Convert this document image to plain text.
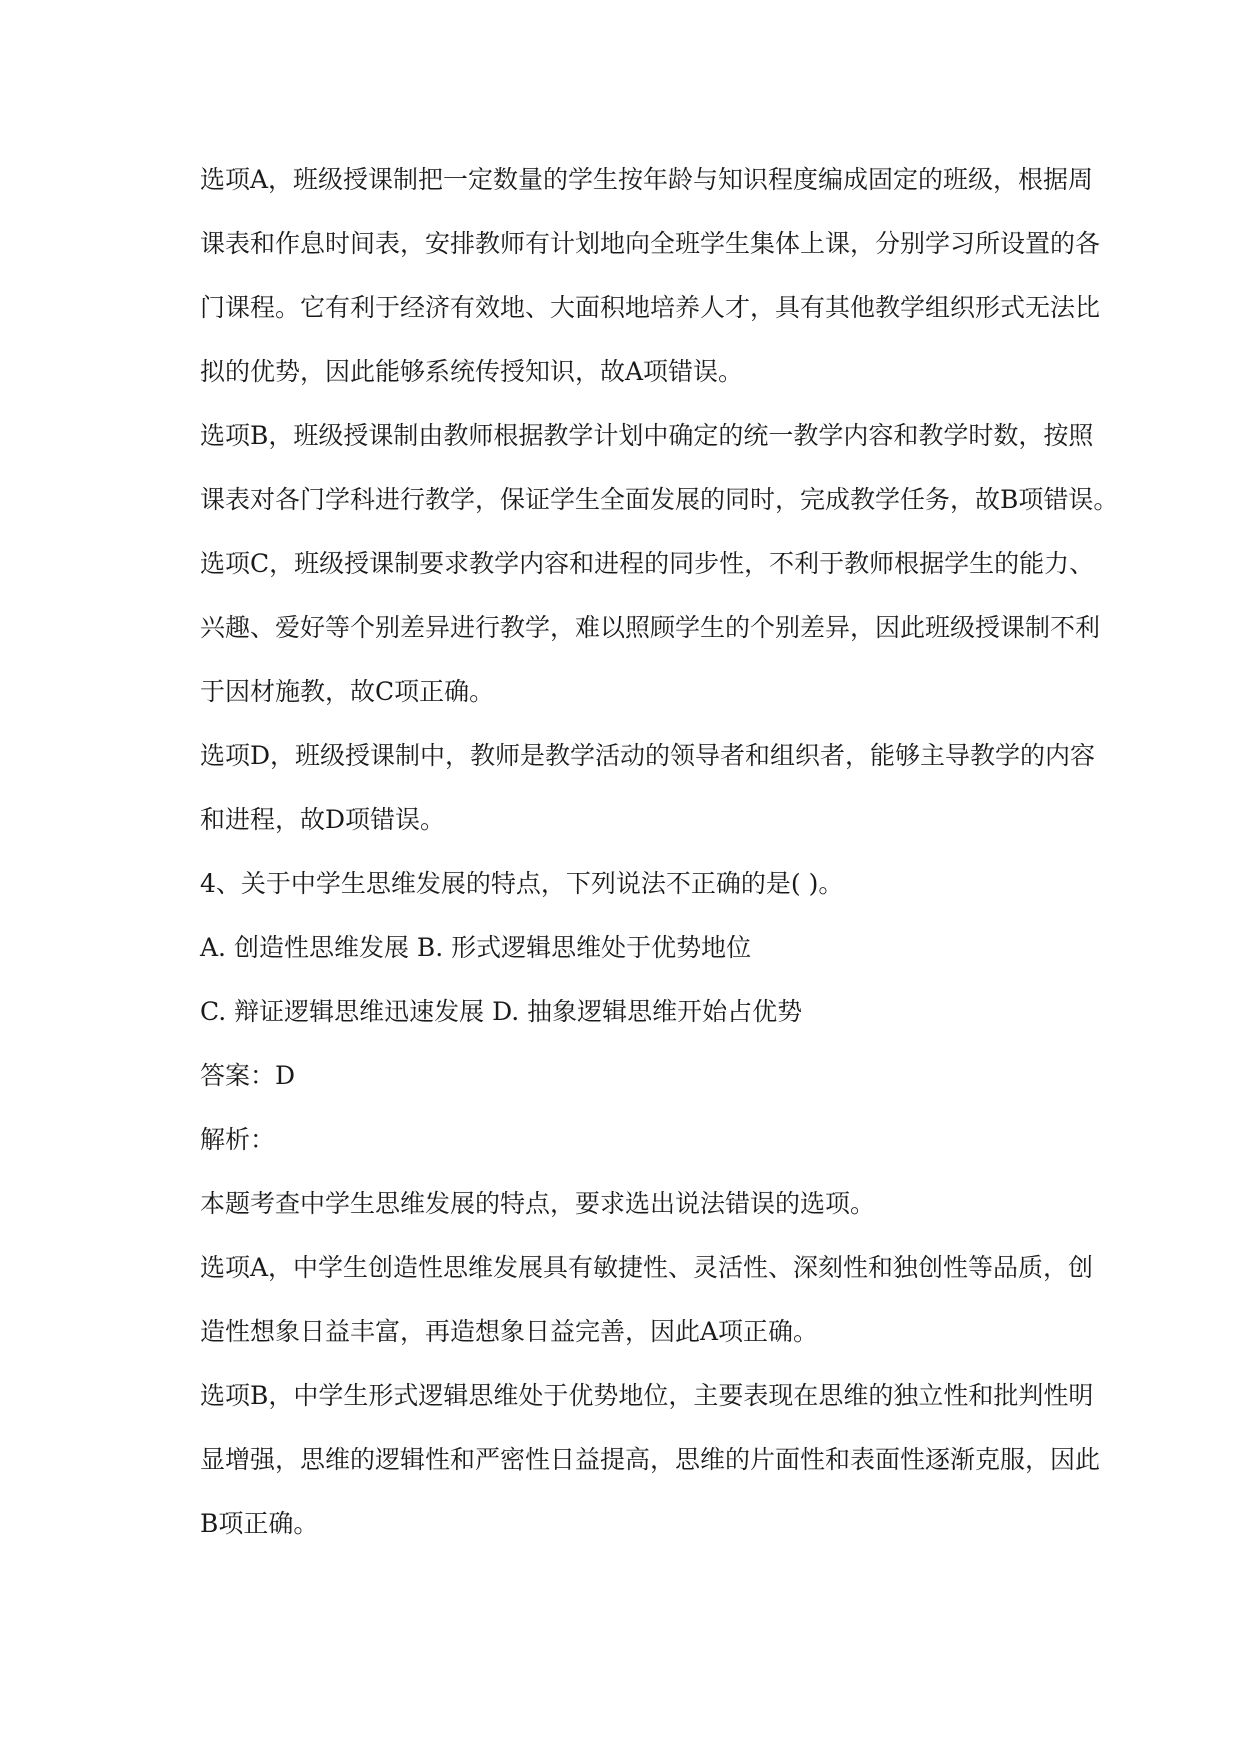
选项A，班级授课制把一定数量的学生按年龄与知识程度编成固定的班级，根据周
课表和作息时间表，安排教师有计划地向全班学生集体上课，分别学习所设置的各
门课程。它有利于经济有效地、大面积地培养人才，具有其他教学组织形式无法比
拟的优势，因此能够系统传授知识，故A项错误。
选项B，班级授课制由教师根据教学计划中确定的统一教学内容和教学时数，按照
课表对各门学科进行教学，保证学生全面发展的同时，完成教学任务，故B项错误。
选项C，班级授课制要求教学内容和进程的同步性，不利于教师根据学生的能力、
兴趣、爱好等个别差异进行教学，难以照顾学生的个别差异，因此班级授课制不利
于因材施教，故C项正确。
选项D，班级授课制中，教师是教学活动的领导者和组织者，能够主导教学的内容
和进程，故D项错误。
4、关于中学生思维发展的特点，下列说法不正确的是( )。
A. 创造性思维发展 B. 形式逻辑思维处于优势地位
C. 辩证逻辑思维迅速发展 D. 抽象逻辑思维开始占优势
答案：D
解析：
本题考查中学生思维发展的特点，要求选出说法错误的选项。
选项A，中学生创造性思维发展具有敏捷性、灵活性、深刻性和独创性等品质，创
造性想象日益丰富，再造想象日益完善，因此A项正确。
选项B，中学生形式逻辑思维处于优势地位，主要表现在思维的独立性和批判性明
显增强，思维的逻辑性和严密性日益提高，思维的片面性和表面性逐渐克服，因此
B项正确。
